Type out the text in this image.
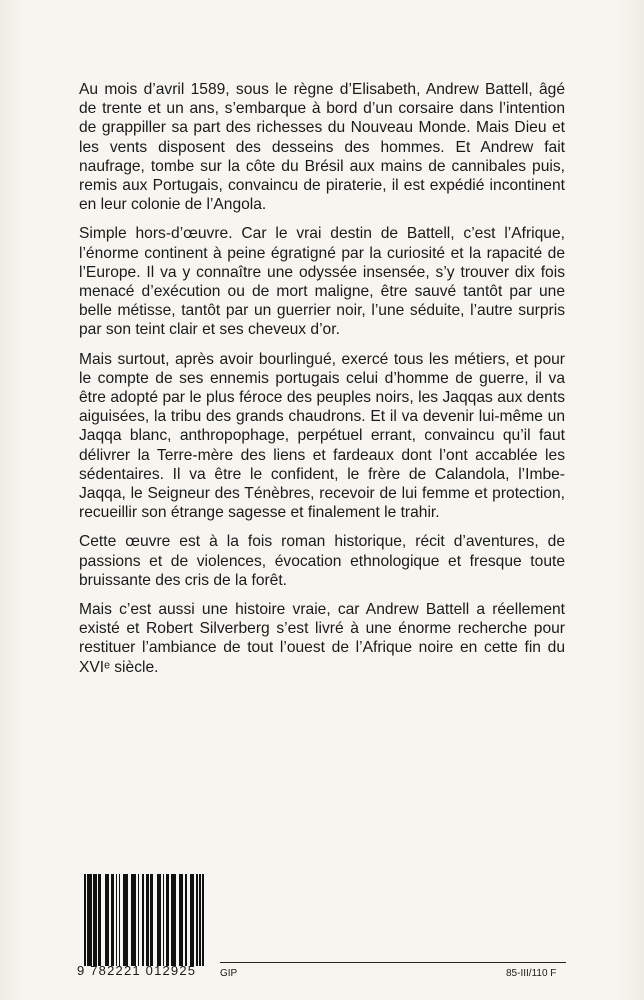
Au mois d’avril 1589, sous le règne d’Elisabeth, Andrew Battell, âgé de trente et un ans, s’embarque à bord d’un corsaire dans l’intention de grappiller sa part des richesses du Nouveau Monde. Mais Dieu et les vents disposent des desseins des hommes. Et Andrew fait naufrage, tombe sur la côte du Brésil aux mains de cannibales puis, remis aux Portugais, convaincu de piraterie, il est expédié incontinent en leur colonie de l’Angola.

Simple hors-d’œuvre. Car le vrai destin de Battell, c’est l’Afrique, l’énorme continent à peine égratigné par la curiosité et la rapacité de l’Europe. Il va y connaître une odyssée insensée, s’y trouver dix fois menacé d’exécution ou de mort maligne, être sauvé tantôt par une belle métisse, tantôt par un guerrier noir, l’une séduite, l’autre surpris par son teint clair et ses cheveux d’or.

Mais surtout, après avoir bourlingué, exercé tous les métiers, et pour le compte de ses ennemis portugais celui d’homme de guerre, il va être adopté par le plus féroce des peuples noirs, les Jaqqas aux dents aiguisées, la tribu des grands chaudrons. Et il va devenir lui-même un Jaqqa blanc, anthropophage, perpétuel errant, convaincu qu’il faut délivrer la Terre-mère des liens et fardeaux dont l’ont accablée les sédentaires. Il va être le confident, le frère de Calandola, l’Imbe-Jaqqa, le Seigneur des Ténèbres, recevoir de lui femme et protection, recueillir son étrange sagesse et finalement le trahir.

Cette œuvre est à la fois roman historique, récit d’aventures, de passions et de violences, évocation ethnologique et fresque toute bruissante des cris de la forêt.

Mais c’est aussi une histoire vraie, car Andrew Battell a réellement existé et Robert Silverberg s’est livré à une énorme recherche pour restituer l’ambiance de tout l’ouest de l’Afrique noire en cette fin du XVIᵉ siècle.

9 782221 012925	GIP	85-III/110 F
